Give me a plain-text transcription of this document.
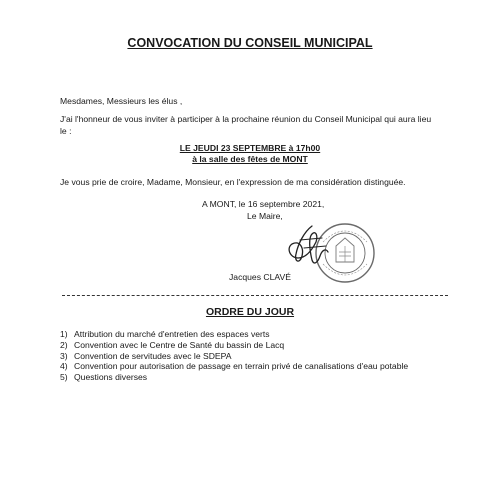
CONVOCATION DU CONSEIL MUNICIPAL
Mesdames, Messieurs les élus ,
J'ai l'honneur de vous inviter à participer à la prochaine réunion du Conseil Municipal qui aura lieu
le :
LE JEUDI 23 SEPTEMBRE à 17h00
à la salle des fêtes de MONT
Je vous prie de croire, Madame, Monsieur, en l'expression de ma considération distinguée.
A MONT, le 16 septembre 2021,
Le Maire,
Jacques CLAVÉ
ORDRE DU JOUR
1) Attribution du marché d'entretien des espaces verts
2) Convention avec le Centre de Santé du bassin de Lacq
3) Convention de servitudes avec le SDEPA
4) Convention pour autorisation de passage en terrain privé de canalisations d'eau potable
5) Questions diverses
